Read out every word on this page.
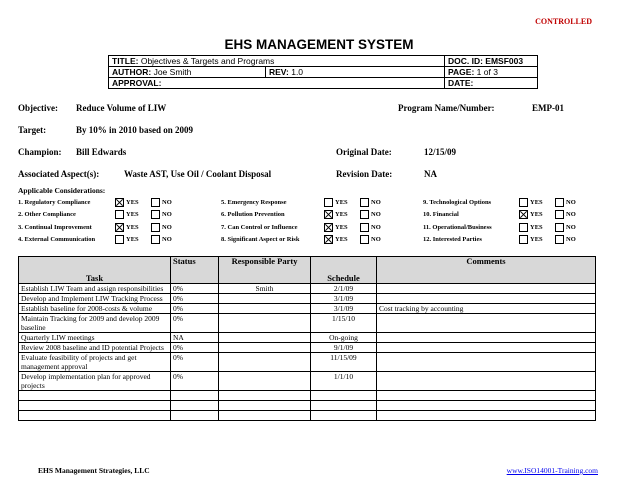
CONTROLLED
EHS MANAGEMENT SYSTEM
TITLE: Objectives & Targets and Programs		DOC. ID: EMSF003
AUTHOR: Joe Smith	REV: 1.0	PAGE: 1 of 3
APPROVAL:		DATE:
Objective: Reduce Volume of LIW	Program Name/Number:	EMP-01
Target:	By 10% in 2010 based on 2009
Champion: Bill Edwards	Original Date:	12/15/09
Associated Aspect(s):	Waste AST, Use Oil / Coolant Disposal	Revision Date:	NA
Applicable Considerations:
1. Regulatory Compliance	YES	NO
2. Other Compliance	YES	NO
3. Continual Improvement	YES	NO
4. External Communication	YES	NO
5. Emergency Response	YES	NO
6. Pollution Prevention	YES	NO
7. Can Control or Influence	YES	NO
8. Significant Aspect or Risk	YES	NO
9. Technological Options	YES	NO
10. Financial	YES	NO
11. Operational/Business	YES	NO
12. Interested Parties	YES	NO
Task	Status	Responsible Party	Schedule	Comments
Establish LIW Team and assign responsibilities	0%	Smith	2/1/09	
Develop and Implement LIW Tracking Process	0%		3/1/09	
Establish baseline for 2008-costs & volume	0%		3/1/09	Cost tracking by accounting
Maintain Tracking for 2009 and develop 2009 baseline	0%		1/15/10	
Quarterly LIW meetings	NA		On-going	
Review 2008 baseline and ID potential Projects	0%		9/1/09	
Evaluate feasibility of projects and get management approval	0%		11/15/09	
Develop implementation plan for approved projects	0%		1/1/10	

EHS Management Strategies, LLC	www.ISO14001-Training.com
